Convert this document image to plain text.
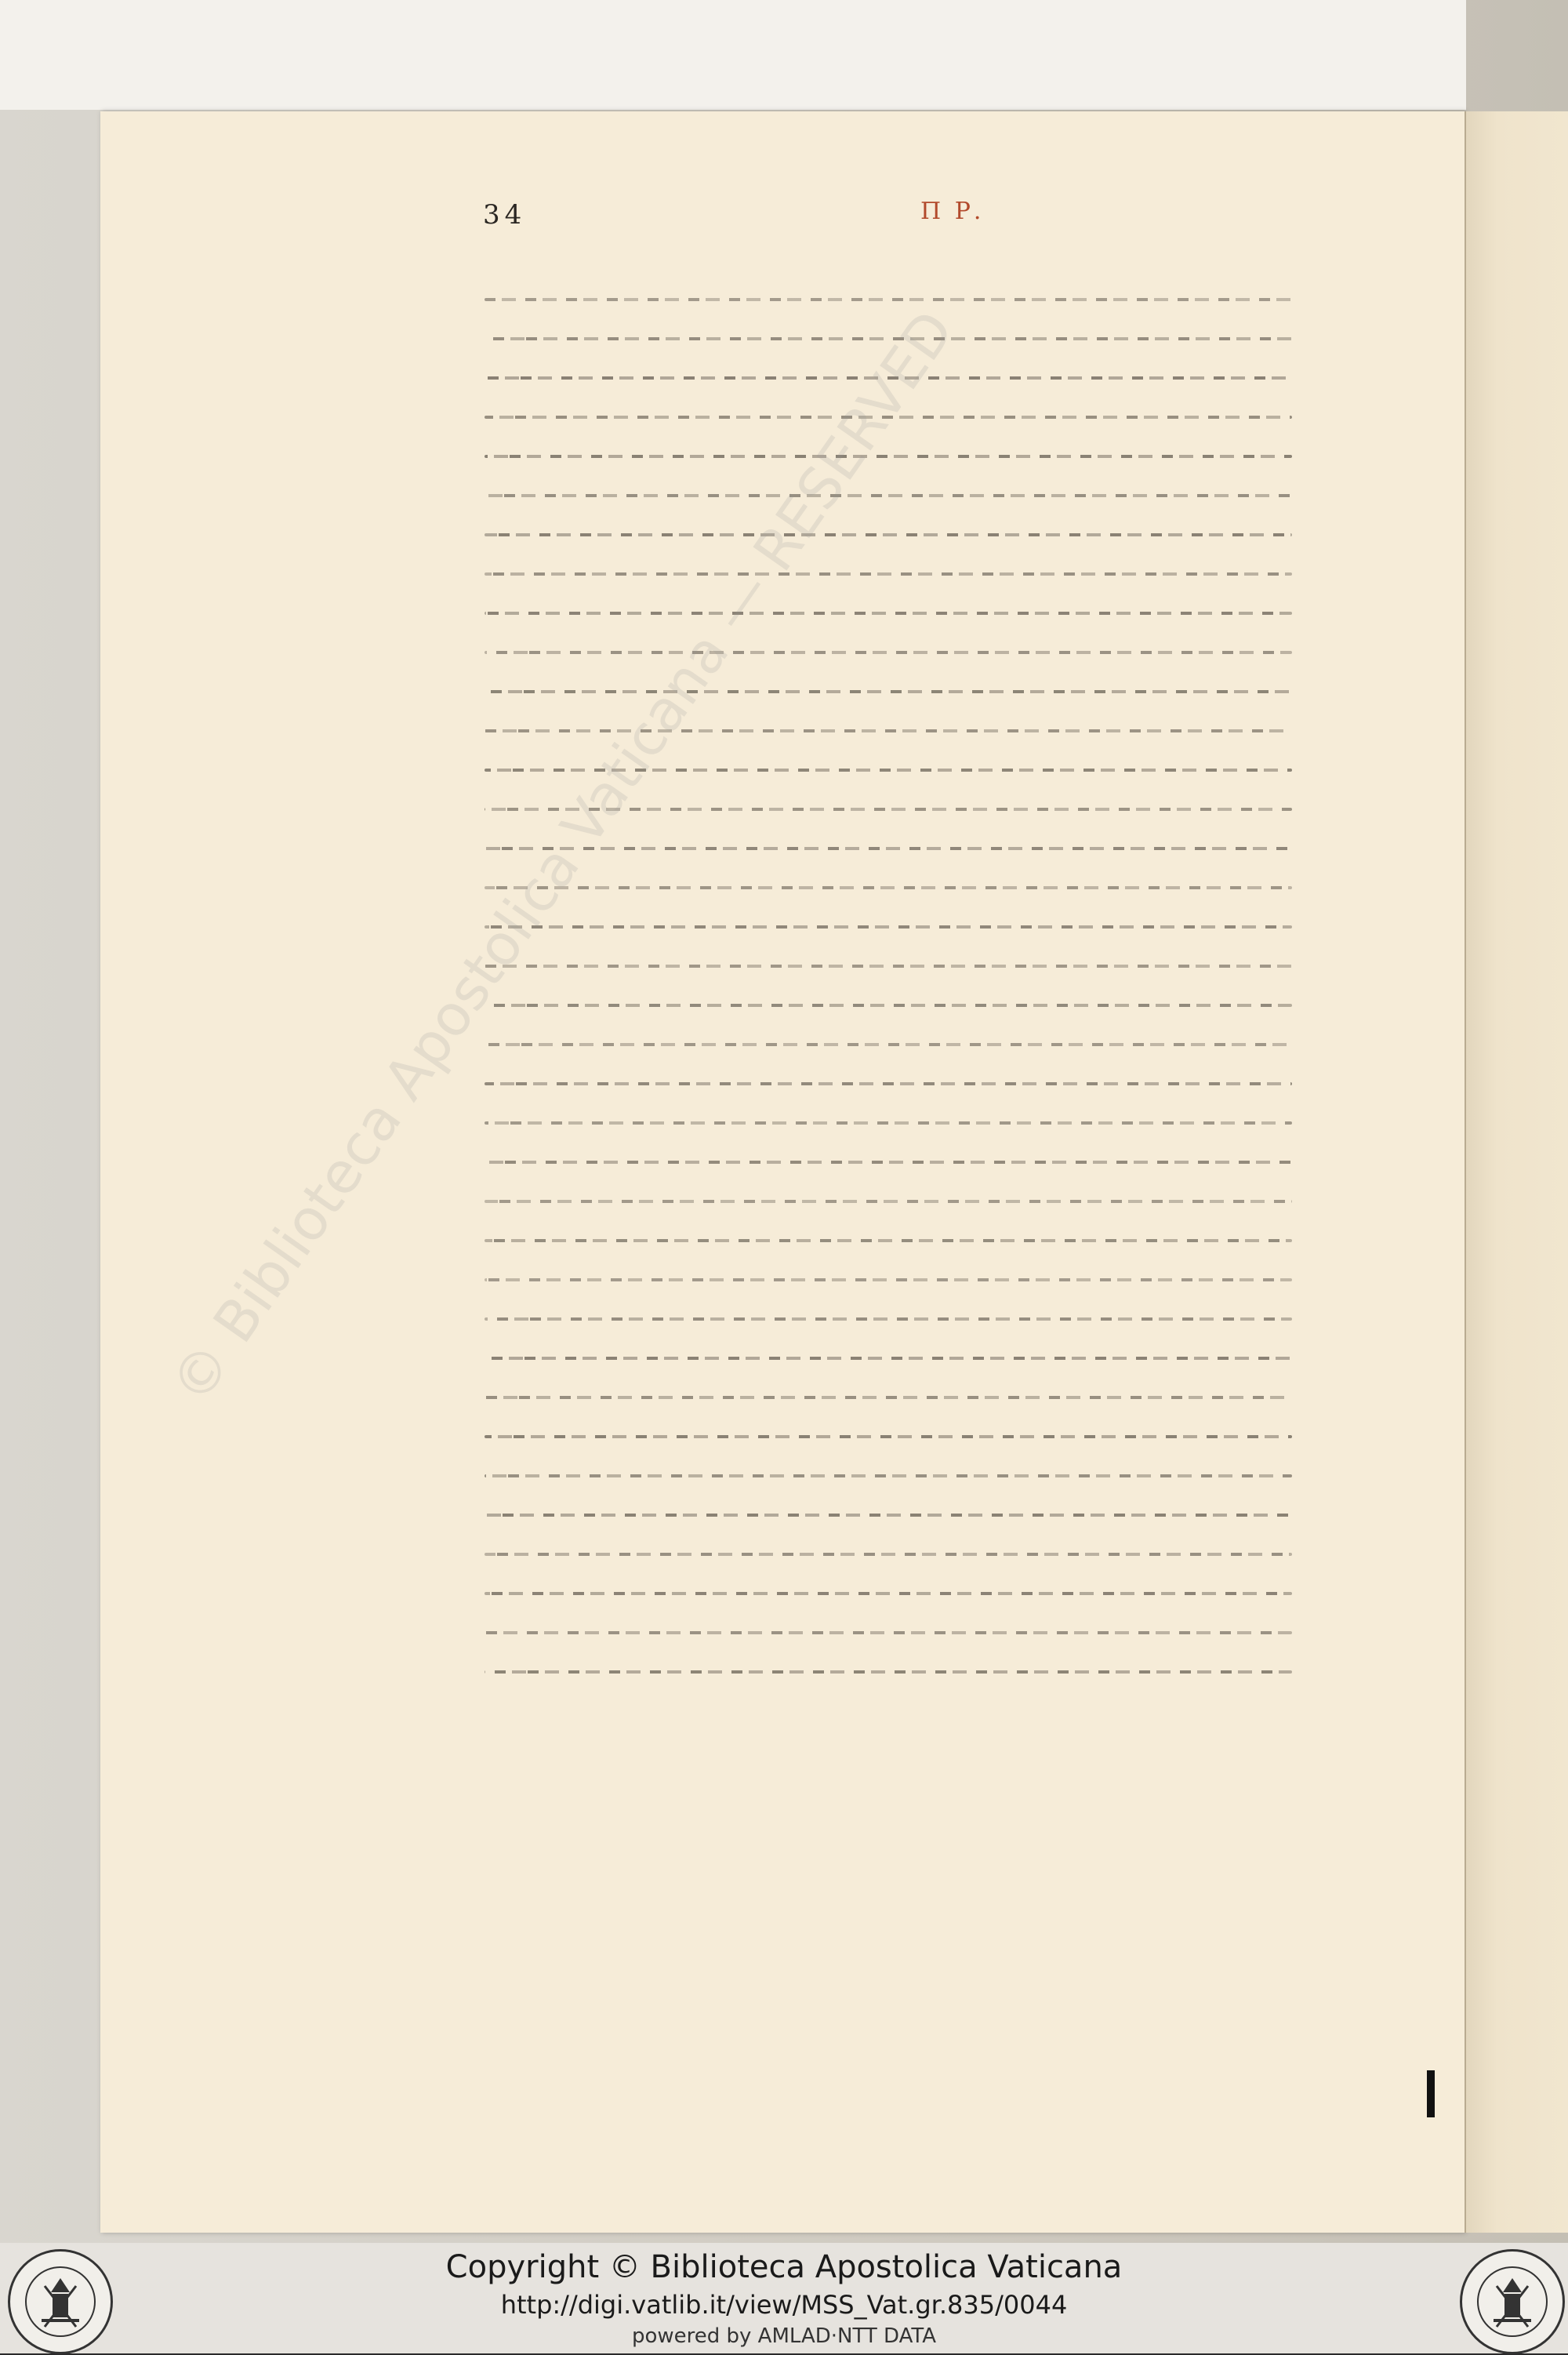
34	Π Ρ.
Copyright © Biblioteca Apostolica Vaticana
http://digi.vatlib.it/view/MSS_Vat.gr.835/0044
powered by AMLAD·NTT DATA
